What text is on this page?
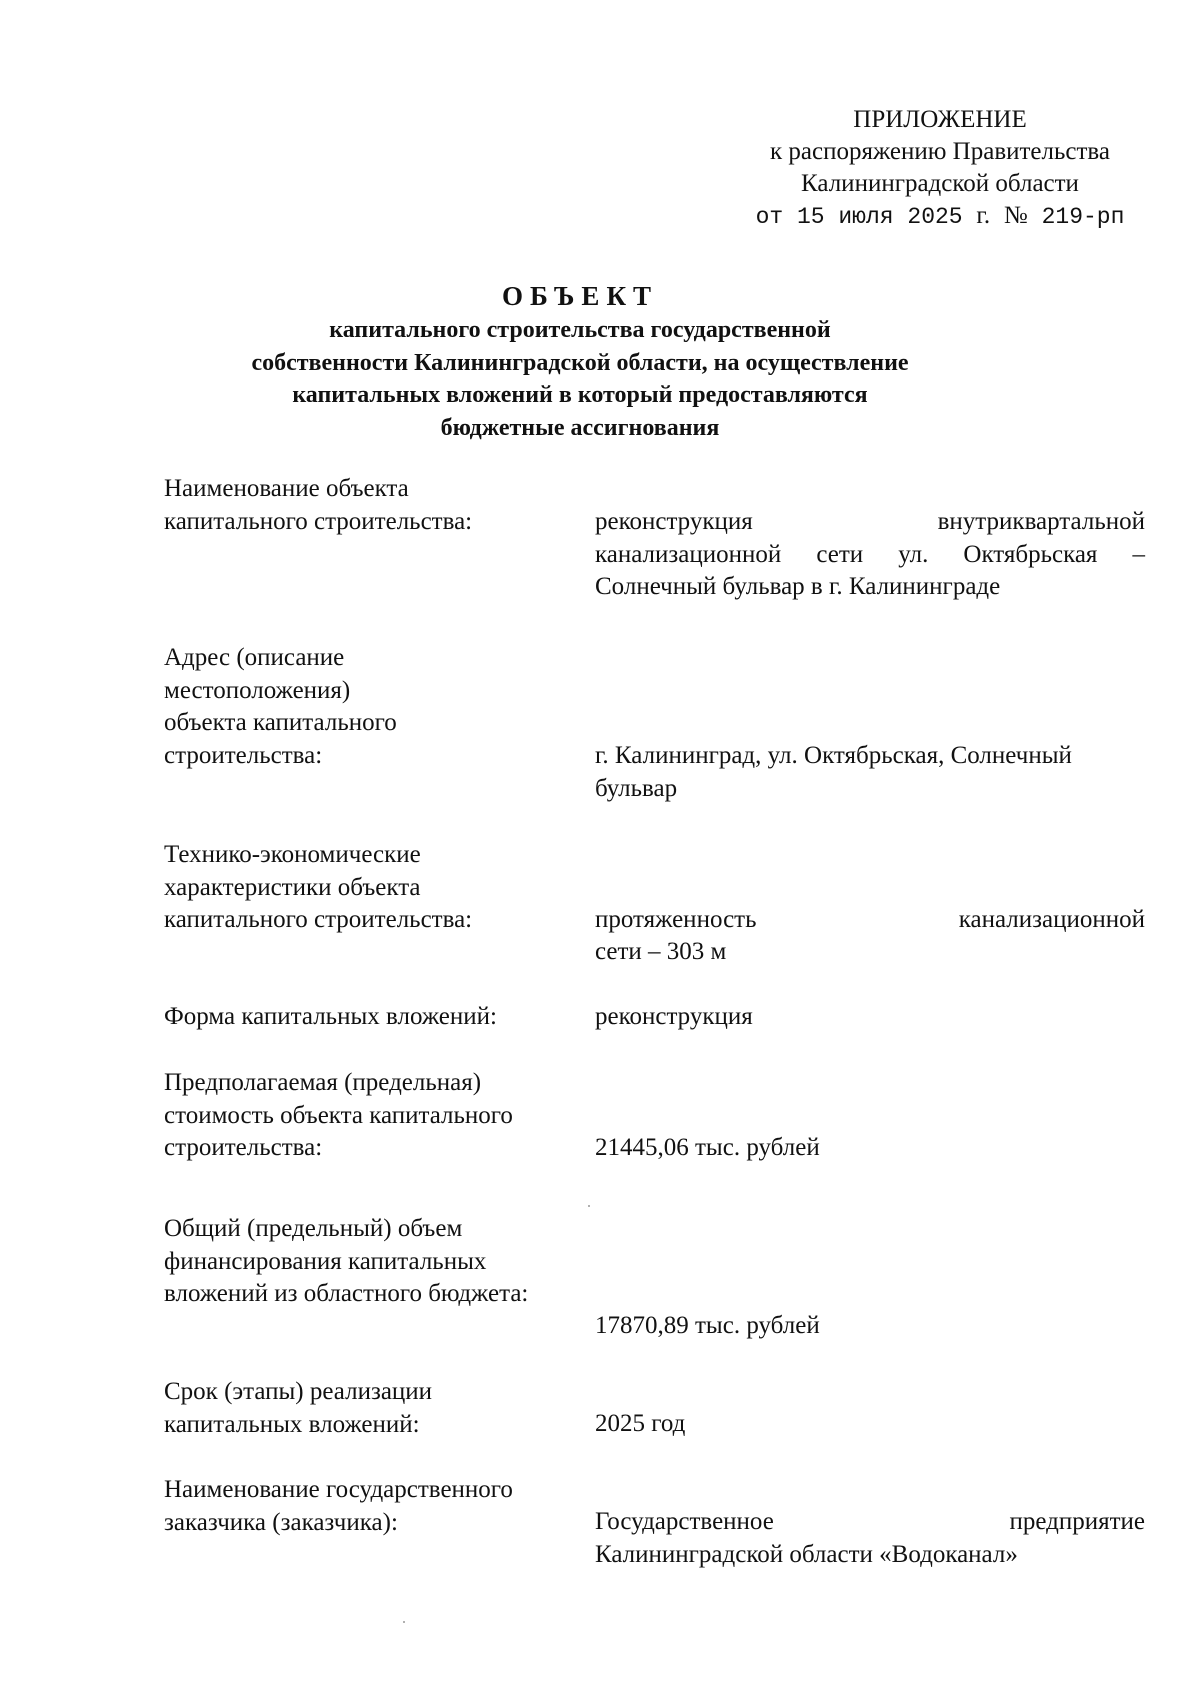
ПРИЛОЖЕНИЕ
к распоряжению Правительства
Калининградской области
от 15 июля 2025 г. № 219-рп
ОБЪЕКТ
капитального строительства государственной
собственности Калининградской области, на осуществление
капитальных вложений в который предоставляются
бюджетные ассигнования
Наименование объекта капитального строительства:	реконструкция внутриквартальной канализационной сети ул. Октябрьская –
Солнечный бульвар в г. Калининграде
Адрес (описание местоположения) объекта капитального строительства:	г. Калининград, ул. Октябрьская, Солнечный бульвар
Технико-экономические характеристики объекта капитального строительства:	протяженность канализационной
сети – 303 м
Форма капитальных вложений:	реконструкция
Предполагаемая (предельная) стоимость объекта капитального строительства:	21445,06 тыс. рублей
Общий (предельный) объем финансирования капитальных вложений из областного бюджета:
17870,89 тыс. рублей
Срок (этапы) реализации капитальных вложений:	2025 год
Наименование государственного заказчика (заказчика):	Государственное предприятие
Калининградской области «Водоканал»
